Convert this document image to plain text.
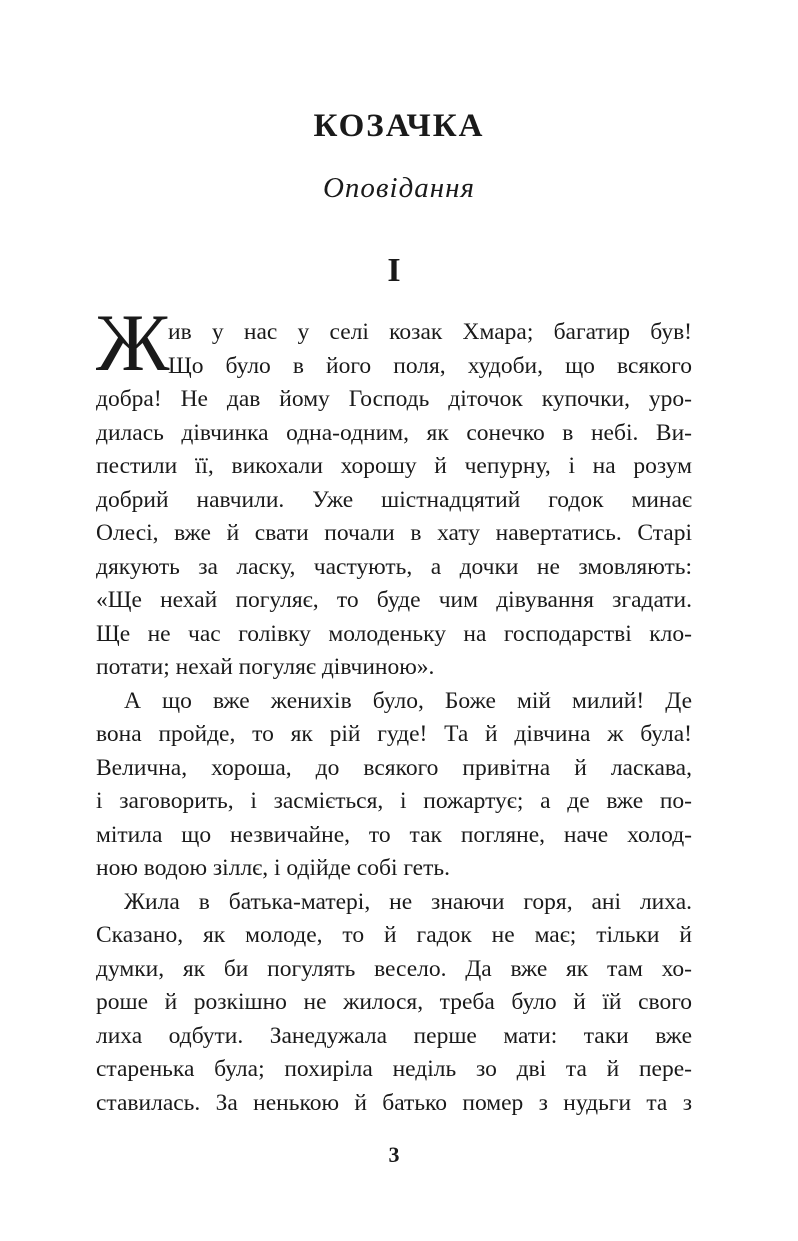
КОЗАЧКА
Оповідання
І
Ж
ив у нас у селі козак Хмара; багатир був!
Що було в його поля, худоби, що всякого
добра! Не дав йому Господь діточок купочки, уро-
дилась дівчинка одна-одним, як сонечко в небі. Ви-
пестили її, викохали хорошу й чепурну, і на розум
добрий навчили. Уже шістнадцятий годок минає
Олесі, вже й свати почали в хату навертатись. Старі
дякують за ласку, частують, а дочки не змовляють:
«Ще нехай погуляє, то буде чим дівування згадати.
Ще не час голівку молоденьку на господарстві кло-
потати; нехай погуляє дівчиною».
А що вже женихів було, Боже мій милий! Де
вона пройде, то як рій гуде! Та й дівчина ж була!
Велична, хороша, до всякого привітна й ласкава,
і заговорить, і засміється, і пожартує; а де вже по-
мітила що незвичайне, то так погляне, наче холод-
ною водою зіллє, і одійде собі геть.
Жила в батька-матері, не знаючи горя, ані лиха.
Сказано, як молоде, то й гадок не має; тільки й
думки, як би погулять весело. Да вже як там хо-
роше й розкішно не жилося, треба було й їй свого
лиха одбути. Занедужала перше мати: таки вже
старенька була; похиріла неділь зо дві та й пере-
ставилась. За ненькою й батько помер з нудьги та з
3
